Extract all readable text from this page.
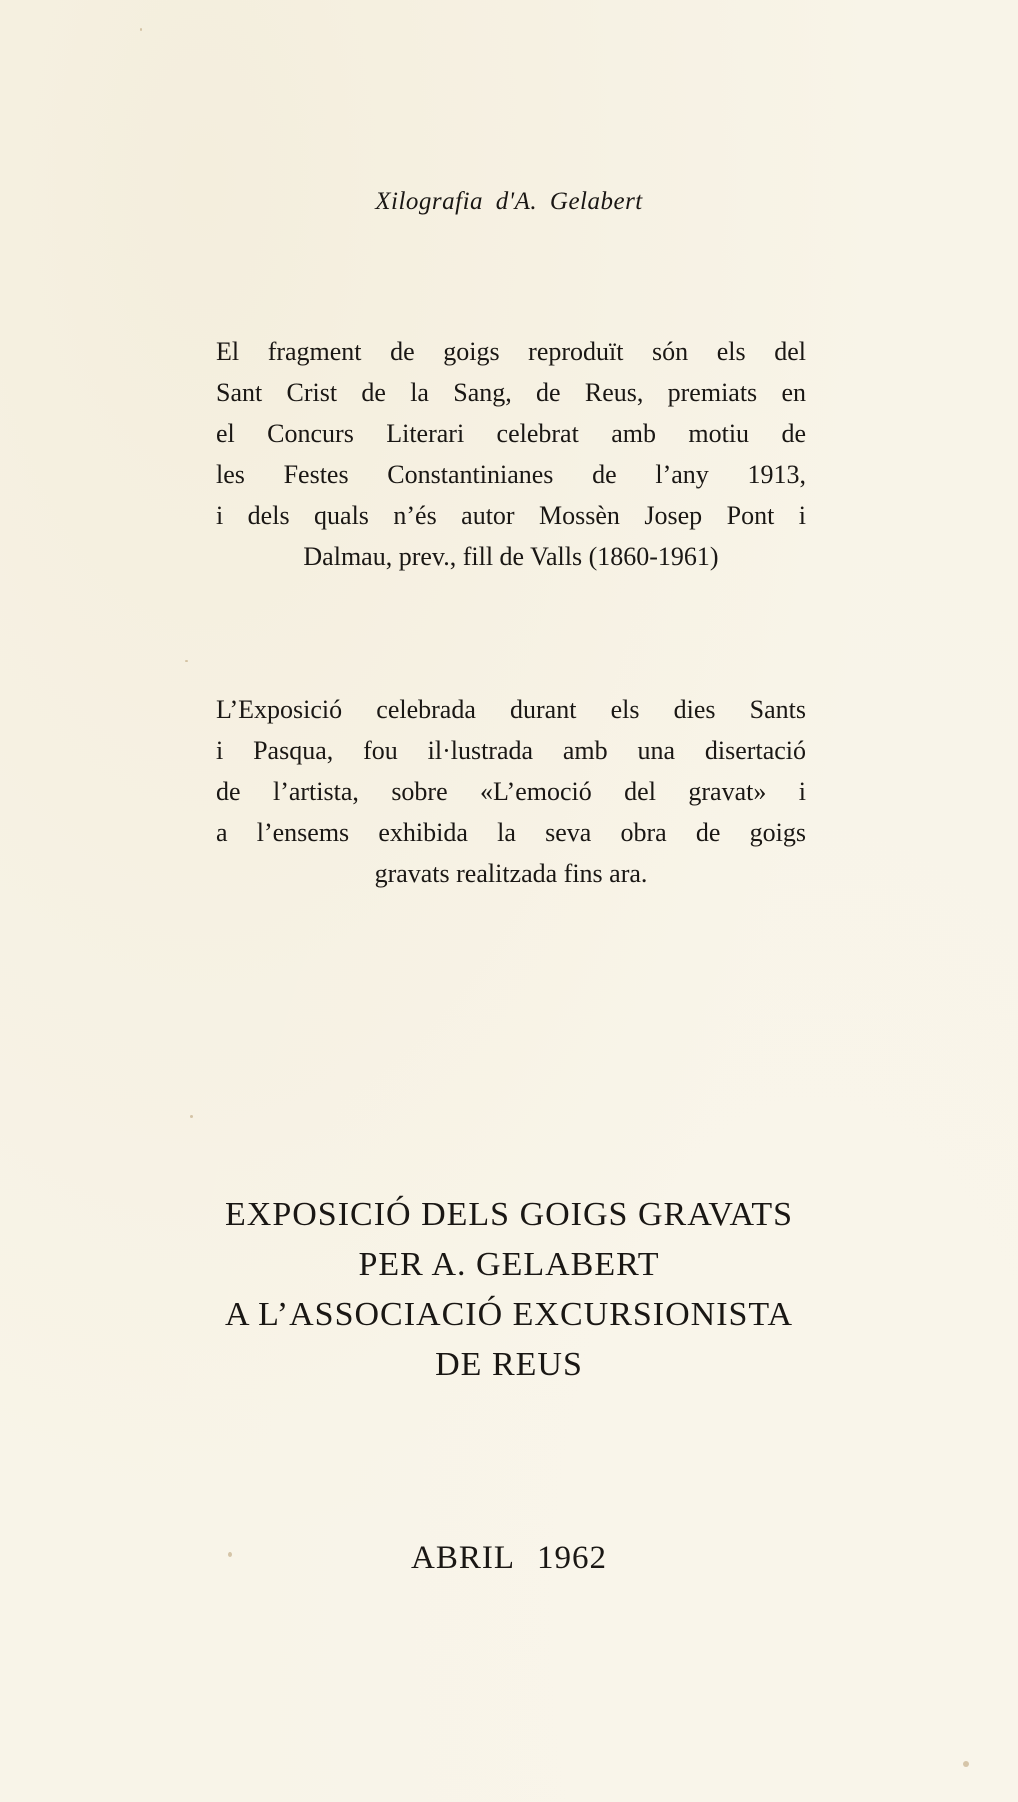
Xilografia d'A. Gelabert
El fragment de goigs reproduït són els del
Sant Crist de la Sang, de Reus, premiats en
el Concurs Literari celebrat amb motiu de
les Festes Constantinianes de l’any 1913,
i dels quals n’és autor Mossèn Josep Pont i
Dalmau, prev., fill de Valls (1860-1961)
L’Exposició celebrada durant els dies Sants
i Pasqua, fou il·lustrada amb una disertació
de l’artista, sobre «L’emoció del gravat» i
a l’ensems exhibida la seva obra de goigs
gravats realitzada fins ara.
EXPOSICIÓ DELS GOIGS GRAVATS
PER A. GELABERT
A L’ASSOCIACIÓ EXCURSIONISTA
DE REUS
ABRIL 1962
